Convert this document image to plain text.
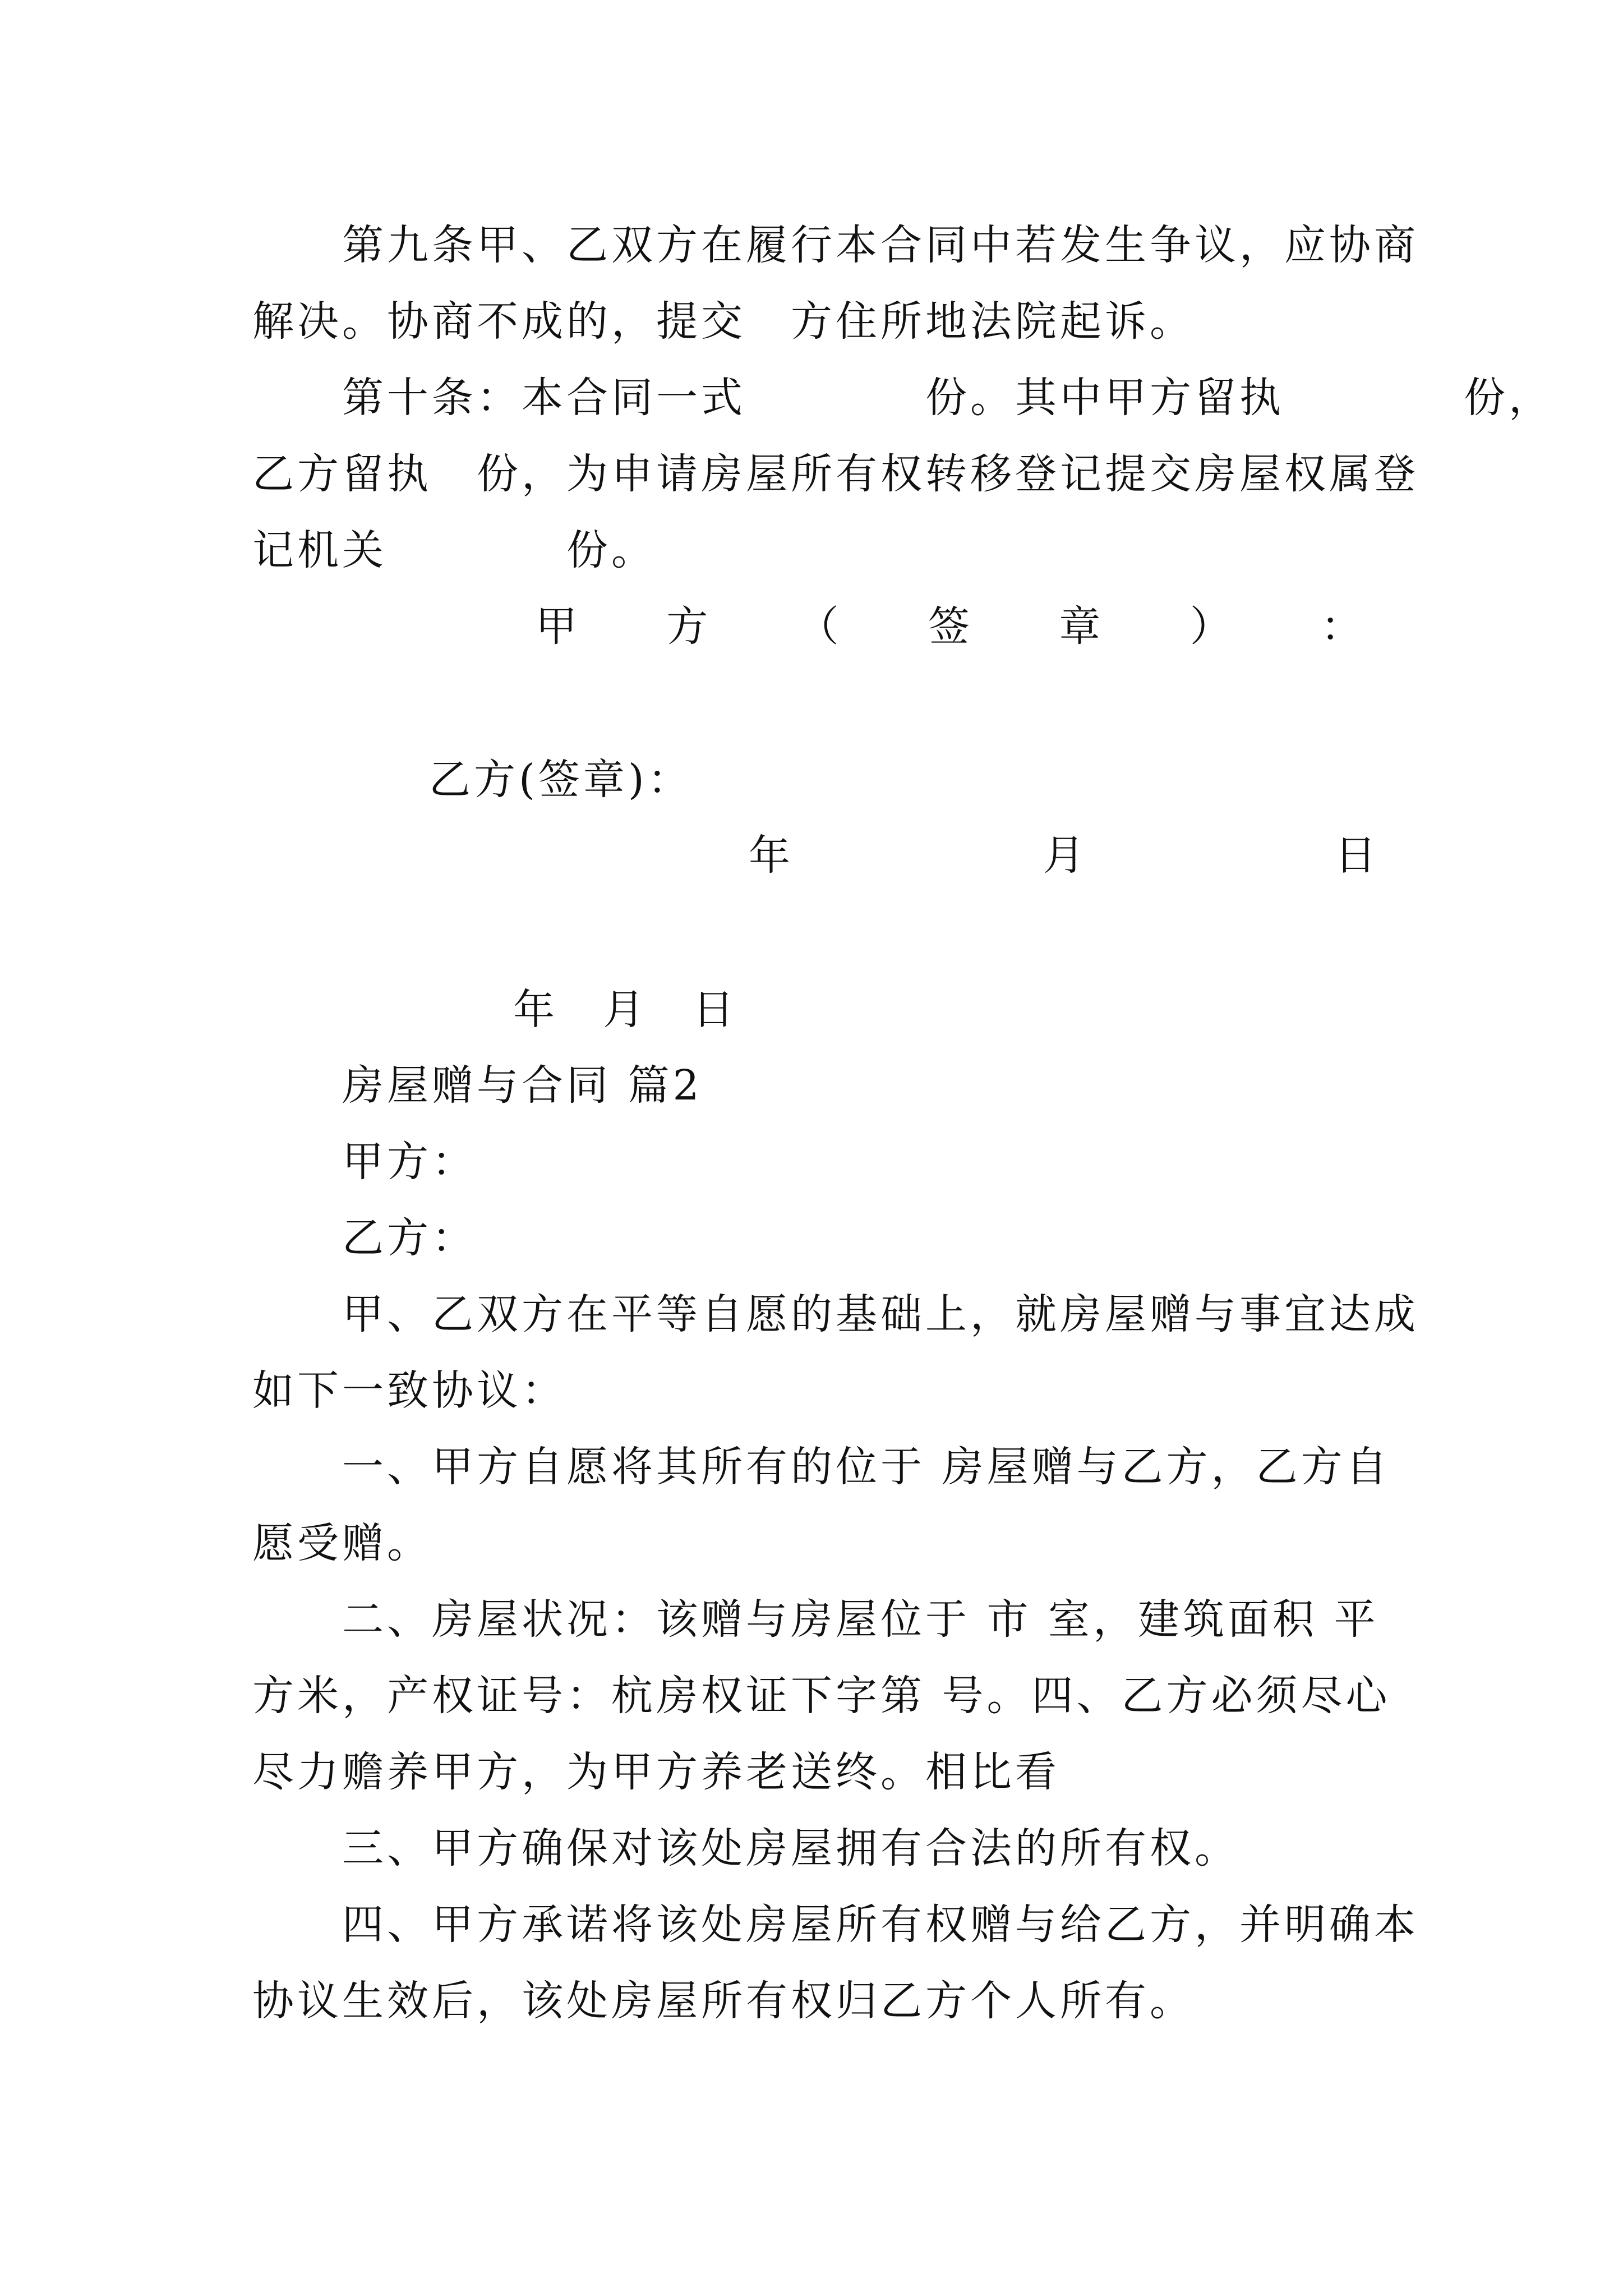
第九条甲、乙双方在履行本合同中若发生争议，应协商
解决。协商不成的，提交　方住所地法院起诉。
第十条：本合同一式　　　　份。其中甲方留执　　　　份，
乙方留执　份，为申请房屋所有权转移登记提交房屋权属登
记机关　　　　份。
甲 方 （ 签 章 ） ：
乙方(签章)：
年	月	日
年　月　日
房屋赠与合同 篇2
甲方：
乙方：
甲、乙双方在平等自愿的基础上，就房屋赠与事宜达成
如下一致协议：
一、甲方自愿将其所有的位于 房屋赠与乙方，乙方自
愿受赠。
二、房屋状况：该赠与房屋位于 市 室，建筑面积 平
方米，产权证号：杭房权证下字第 号。四、乙方必须尽心
尽力赡养甲方，为甲方养老送终。相比看
三、甲方确保对该处房屋拥有合法的所有权。
四、甲方承诺将该处房屋所有权赠与给乙方，并明确本
协议生效后，该处房屋所有权归乙方个人所有。
